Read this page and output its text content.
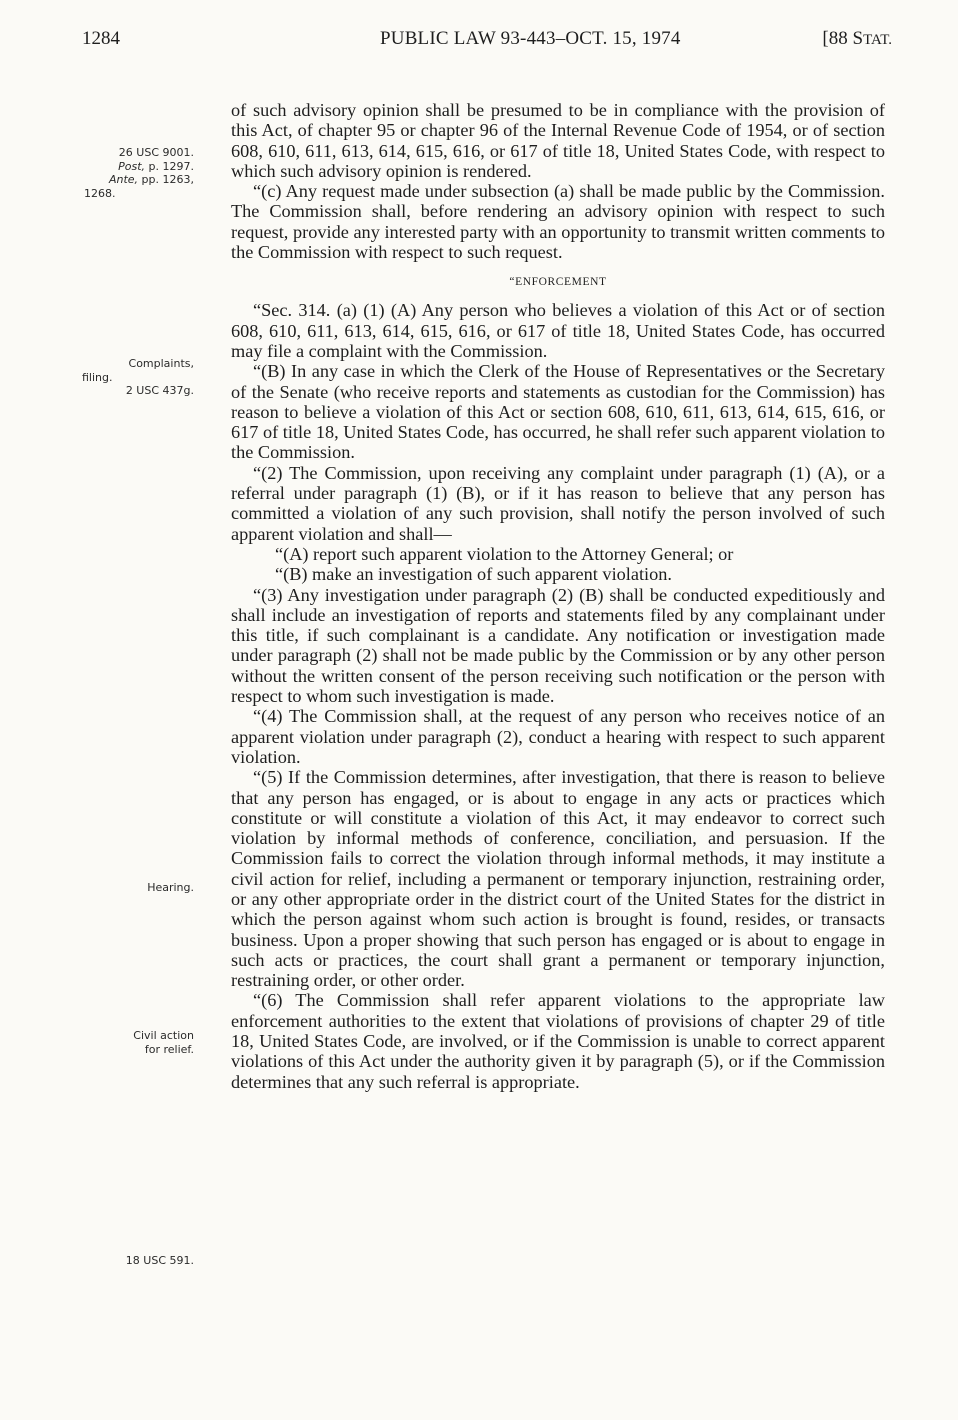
1284	PUBLIC LAW 93-443–OCT. 15, 1974	[88 STAT.
26 USC 9001.
Post, p. 1297.
Ante, pp. 1263,
1268.
Complaints,
filing.
2 USC 437g.
Hearing.
Civil action
for relief.
18 USC 591.

of such advisory opinion shall be presumed to be in compliance with the provision of this Act, of chapter 95 or chapter 96 of the Internal Revenue Code of 1954, or of section 608, 610, 611, 613, 614, 615, 616, or 617 of title 18, United States Code, with respect to which such advisory opinion is rendered.

“(c) Any request made under subsection (a) shall be made public by the Commission. The Commission shall, before rendering an advisory opinion with respect to such request, provide any interested party with an opportunity to transmit written comments to the Commission with respect to such request.

“ENFORCEMENT

“Sec. 314. (a) (1) (A) Any person who believes a violation of this Act or of section 608, 610, 611, 613, 614, 615, 616, or 617 of title 18, United States Code, has occurred may file a complaint with the Commission.

“(B) In any case in which the Clerk of the House of Representatives or the Secretary of the Senate (who receive reports and statements as custodian for the Commission) has reason to believe a violation of this Act or section 608, 610, 611, 613, 614, 615, 616, or 617 of title 18, United States Code, has occurred, he shall refer such apparent violation to the Commission.

“(2) The Commission, upon receiving any complaint under paragraph (1) (A), or a referral under paragraph (1) (B), or if it has reason to believe that any person has committed a violation of any such provision, shall notify the person involved of such apparent violation and shall—

“(A) report such apparent violation to the Attorney General; or

“(B) make an investigation of such apparent violation.

“(3) Any investigation under paragraph (2) (B) shall be conducted expeditiously and shall include an investigation of reports and statements filed by any complainant under this title, if such complainant is a candidate. Any notification or investigation made under paragraph (2) shall not be made public by the Commission or by any other person without the written consent of the person receiving such notification or the person with respect to whom such investigation is made.

“(4) The Commission shall, at the request of any person who receives notice of an apparent violation under paragraph (2), conduct a hearing with respect to such apparent violation.

“(5) If the Commission determines, after investigation, that there is reason to believe that any person has engaged, or is about to engage in any acts or practices which constitute or will constitute a violation of this Act, it may endeavor to correct such violation by informal methods of conference, conciliation, and persuasion. If the Commission fails to correct the violation through informal methods, it may institute a civil action for relief, including a permanent or temporary injunction, restraining order, or any other appropriate order in the district court of the United States for the district in which the person against whom such action is brought is found, resides, or transacts business. Upon a proper showing that such person has engaged or is about to engage in such acts or practices, the court shall grant a permanent or temporary injunction, restraining order, or other order.

“(6) The Commission shall refer apparent violations to the appropriate law enforcement authorities to the extent that violations of provisions of chapter 29 of title 18, United States Code, are involved, or if the Commission is unable to correct apparent violations of this Act under the authority given it by paragraph (5), or if the Commission determines that any such referral is appropriate.
